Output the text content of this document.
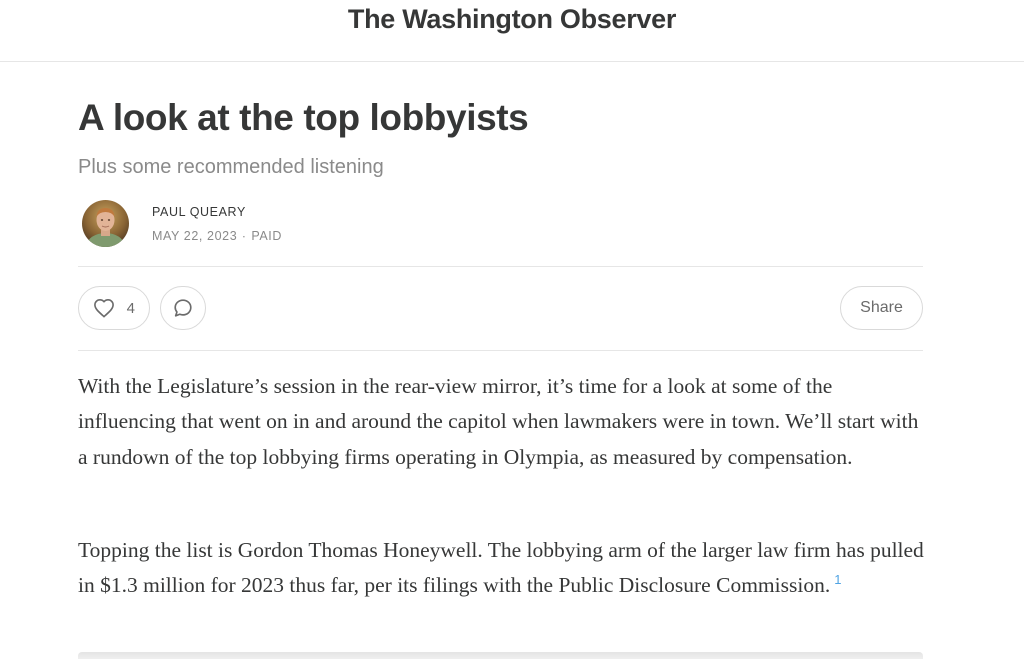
The Washington Observer
A look at the top lobbyists
Plus some recommended listening
PAUL QUEARY
MAY 22, 2023 ∙ PAID
4	Share

With the Legislature’s session in the rear-view mirror, it’s time for a look at some of the influencing that went on in and around the capitol when lawmakers were in town. We’ll start with a rundown of the top lobbying firms operating in Olympia, as measured by compensation.

Topping the list is Gordon Thomas Honeywell. The lobbying arm of the larger law firm has pulled in $1.3 million for 2023 thus far, per its filings with the Public Disclosure Commission. $^1$
